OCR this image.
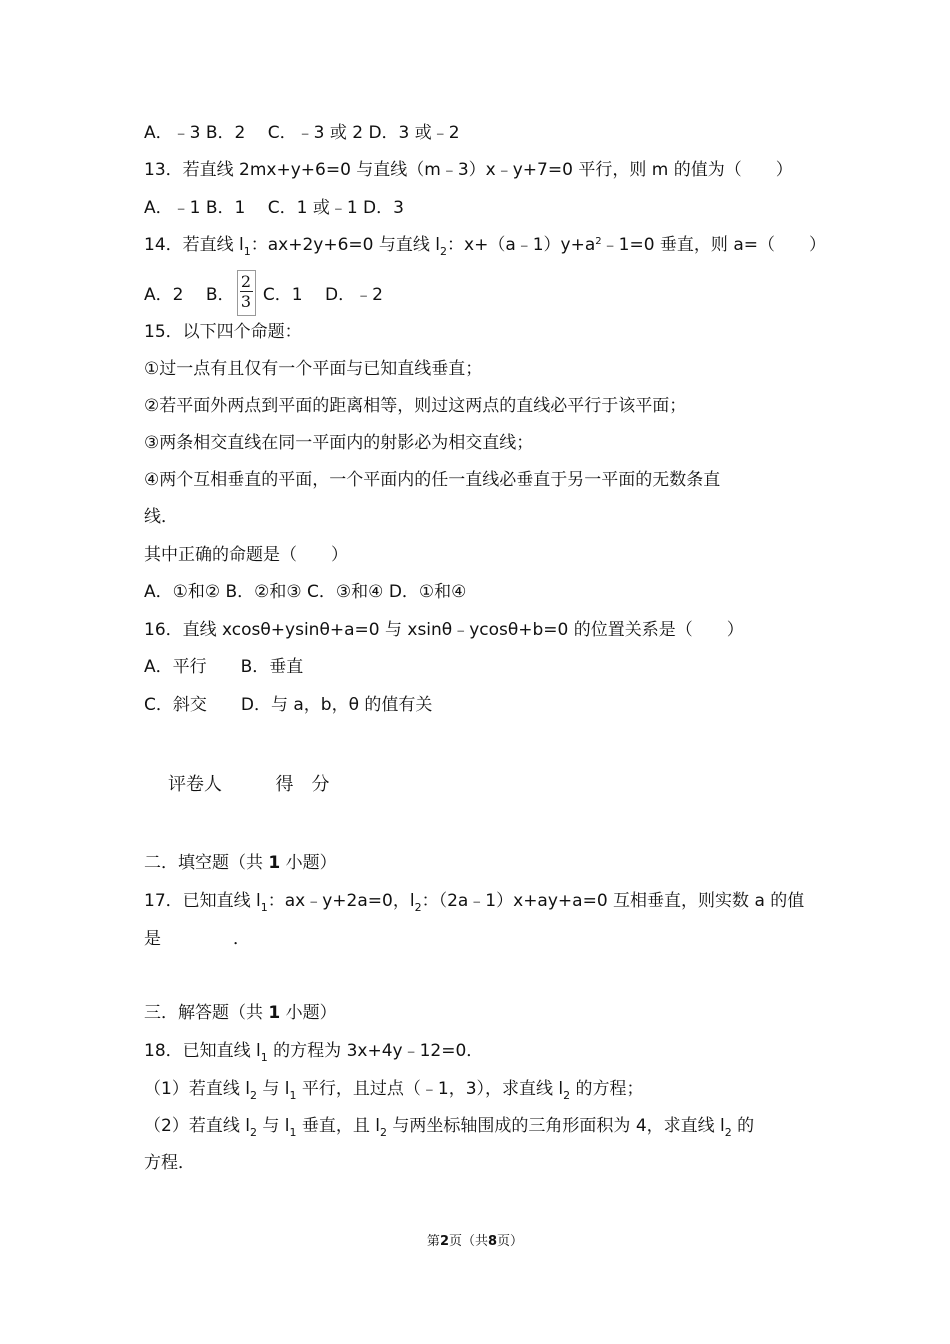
A．﹣3 B．2　 C．﹣3 或 2 D．3 或﹣2
13．若直线 2mx+y+6=0 与直线（m﹣3）x﹣y+7=0 平行，则 m 的值为（　　）
A．﹣1 B．1　 C．1 或﹣1 D．3
14．若直线 $l_1$：ax+2y+6=0 与直线 $l_2$：$x+(a﹣1)y+a^2﹣1=0$ 垂直，则 a=（　　）
A．2　 B． $\frac{2}{3}$ C．1　 D．﹣2
15．以下四个命题：
①过一点有且仅有一个平面与已知直线垂直；
②若平面外两点到平面的距离相等，则过这两点的直线必平行于该平面；
③两条相交直线在同一平面内的射影必为相交直线；
④两个互相垂直的平面，一个平面内的任一直线必垂直于另一平面的无数条直
线．
其中正确的命题是（　　）
A．①和② B．②和③ C．③和④ D．①和④
16．直线 xcosθ+ysinθ+a=0 与 xsinθ﹣ycosθ+b=0 的位置关系是（　　）
A．平行　　B．垂直
C．斜交　　D．与 a，b，θ 的值有关
评卷人	得　分
二．填空题（共 1 小题）
17．已知直线 $l_1$：ax﹣y+2a=0，$l_2$：（2a﹣1）x+ay+a=0 互相垂直，则实数 a 的值
是	．
三．解答题（共 1 小题）
18．已知直线 $l_1$ 的方程为 3x+4y﹣12=0．
（1）若直线 $l_2$ 与 $l_1$ 平行，且过点（﹣1，3），求直线 $l_2$ 的方程；
（2）若直线 $l_2$ 与 $l_1$ 垂直，且 $l_2$ 与两坐标轴围成的三角形面积为 4，求直线 $l_2$ 的
方程．
第2页（共8页）
